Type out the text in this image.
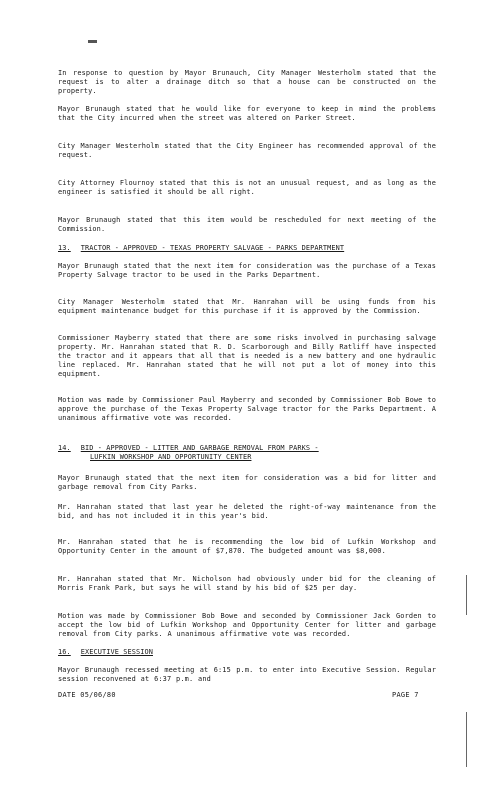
In response to question by Mayor Brunauch, City Manager Westerholm stated that the request is to alter a drainage ditch so that a house can be constructed on the property.

Mayor Brunaugh stated that he would like for everyone to keep in mind the problems that the City incurred when the street was altered on Parker Street.

City Manager Westerholm stated that the City Engineer has recommended approval of the request.

City Attorney Flournoy stated that this is not an unusual request, and as long as the engineer is satisfied it should be all right.

Mayor Brunaugh stated that this item would be rescheduled for next meeting of the Commission.

13. TRACTOR - APPROVED - TEXAS PROPERTY SALVAGE - PARKS DEPARTMENT

Mayor Brunaugh stated that the next item for consideration was the purchase of a Texas Property Salvage tractor to be used in the Parks Department.

City Manager Westerholm stated that Mr. Hanrahan will be using funds from his equipment maintenance budget for this purchase if it is approved by the Commission.

Commissioner Mayberry stated that there are some risks involved in purchasing salvage property. Mr. Hanrahan stated that R. D. Scarborough and Billy Ratliff have inspected the tractor and it appears that all that is needed is a new battery and one hydraulic line replaced. Mr. Hanrahan stated that he will not put a lot of money into this equipment.

Motion was made by Commissioner Paul Mayberry and seconded by Commissioner Bob Bowe to approve the purchase of the Texas Property Salvage tractor for the Parks Department. A unanimous affirmative vote was recorded.

14. BID - APPROVED - LITTER AND GARBAGE REMOVAL FROM PARKS -
LUFKIN WORKSHOP AND OPPORTUNITY CENTER

Mayor Brunaugh stated that the next item for consideration was a bid for litter and garbage removal from City Parks.

Mr. Hanrahan stated that last year he deleted the right-of-way maintenance from the bid, and has not included it in this year's bid.

Mr. Hanrahan stated that he is recommending the low bid of Lufkin Workshop and Opportunity Center in the amount of $7,870. The budgeted amount was $8,000.

Mr. Hanrahan stated that Mr. Nicholson had obviously under bid for the cleaning of Morris Frank Park, but says he will stand by his bid of $25 per day.

Motion was made by Commissioner Bob Bowe and seconded by Commissioner Jack Gorden to accept the low bid of Lufkin Workshop and Opportunity Center for litter and garbage removal from City parks. A unanimous affirmative vote was recorded.

16. EXECUTIVE SESSION

Mayor Brunaugh recessed meeting at 6:15 p.m. to enter into Executive Session. Regular session reconvened at 6:37 p.m. and

DATE 05/06/80	PAGE 7
